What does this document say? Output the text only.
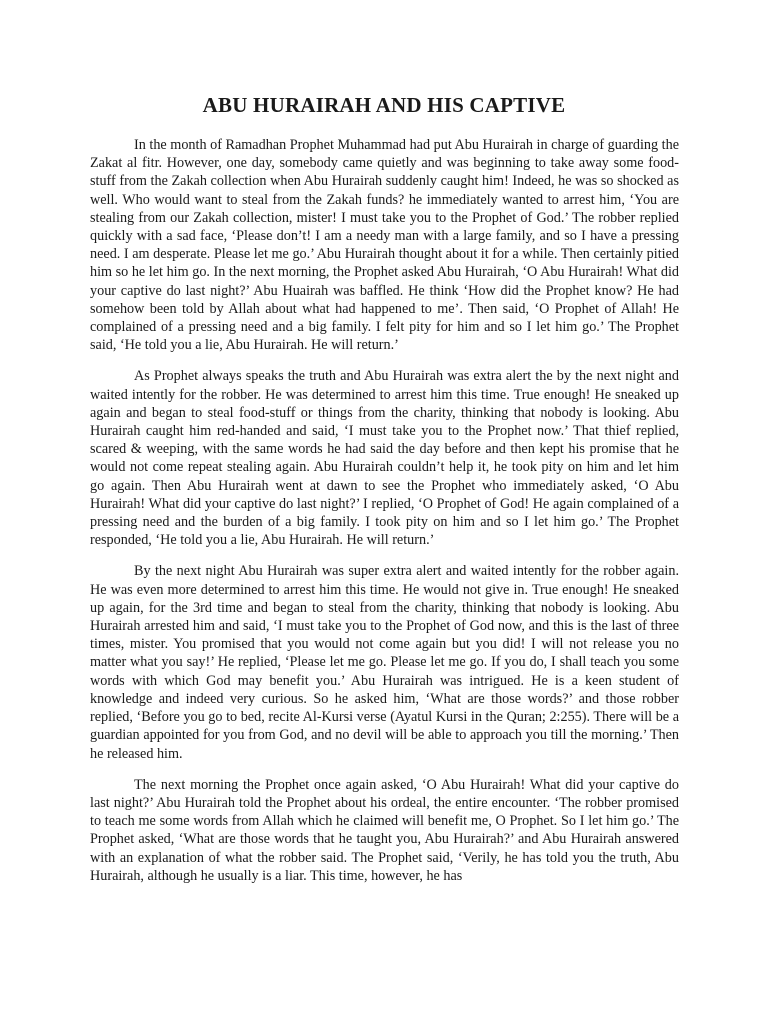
ABU HURAIRAH AND HIS CAPTIVE

In the month of Ramadhan Prophet Muhammad had put Abu Hurairah in charge of guarding the Zakat al fitr. However, one day, somebody came quietly and was beginning to take away some food-stuff from the Zakah collection when Abu Hurairah suddenly caught him! Indeed, he was so shocked as well. Who would want to steal from the Zakah funds? he immediately wanted to arrest him, ‘You are stealing from our Zakah collection, mister! I must take you to the Prophet of God.’ The robber replied quickly with a sad face, ‘Please don’t! I am a needy man with a large family, and so I have a pressing need. I am desperate. Please let me go.’ Abu Hurairah thought about it for a while. Then certainly pitied him so he let him go. In the next morning, the Prophet asked Abu Hurairah, ‘O Abu Hurairah! What did your captive do last night?’ Abu Huairah was baffled. He think ‘How did the Prophet know? He had somehow been told by Allah about what had happened to me’. Then said, ‘O Prophet of Allah! He complained of a pressing need and a big family. I felt pity for him and so I let him go.’ The Prophet said, ‘He told you a lie, Abu Hurairah. He will return.’

As Prophet always speaks the truth and Abu Hurairah was extra alert the by the next night and waited intently for the robber. He was determined to arrest him this time. True enough! He sneaked up again and began to steal food-stuff or things from the charity, thinking that nobody is looking. Abu Hurairah caught him red-handed and said, ‘I must take you to the Prophet now.’ That thief replied, scared & weeping, with the same words he had said the day before and then kept his promise that he would not come repeat stealing again. Abu Hurairah couldn’t help it, he took pity on him and let him go again. Then Abu Hurairah went at dawn to see the Prophet who immediately asked, ‘O Abu Hurairah! What did your captive do last night?’ I replied, ‘O Prophet of God! He again complained of a pressing need and the burden of a big family. I took pity on him and so I let him go.’ The Prophet responded, ‘He told you a lie, Abu Hurairah. He will return.’

By the next night Abu Hurairah was super extra alert and waited intently for the robber again. He was even more determined to arrest him this time. He would not give in. True enough! He sneaked up again, for the 3rd time and began to steal from the charity, thinking that nobody is looking. Abu Hurairah arrested him and said, ‘I must take you to the Prophet of God now, and this is the last of three times, mister. You promised that you would not come again but you did! I will not release you no matter what you say!’ He replied, ‘Please let me go. Please let me go. If you do, I shall teach you some words with which God may benefit you.’ Abu Hurairah was intrigued. He is a keen student of knowledge and indeed very curious. So he asked him, ‘What are those words?’ and those robber replied, ‘Before you go to bed, recite Al-Kursi verse (Ayatul Kursi in the Quran; 2:255). There will be a guardian appointed for you from God, and no devil will be able to approach you till the morning.’ Then he released him.

The next morning the Prophet once again asked, ‘O Abu Hurairah! What did your captive do last night?’ Abu Hurairah told the Prophet about his ordeal, the entire encounter. ‘The robber promised to teach me some words from Allah which he claimed will benefit me, O Prophet. So I let him go.’ The Prophet asked, ‘What are those words that he taught you, Abu Hurairah?’ and Abu Hurairah answered with an explanation of what the robber said. The Prophet said, ‘Verily, he has told you the truth, Abu Hurairah, although he usually is a liar. This time, however, he has
